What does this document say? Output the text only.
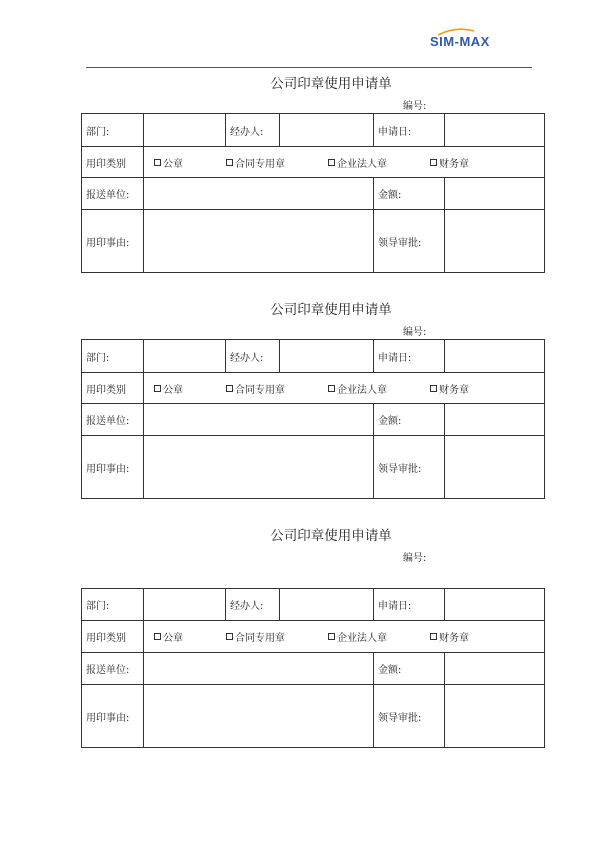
SIM-MAX
公司印章使用申请单
编号:
部门:		经办人:		申请日:	
用印类别	公章 合同专用章 企业法人章 财务章				

报送单位:				金额:	
用印事由:				领导审批:	
公司印章使用申请单
编号:
部门:		经办人:		申请日:	
用印类别	公章 合同专用章 企业法人章 财务章				

报送单位:				金额:	
用印事由:				领导审批:	
公司印章使用申请单
编号:
部门:		经办人:		申请日:	
用印类别	公章 合同专用章 企业法人章 财务章				

报送单位:				金额:	
用印事由:				领导审批:	
